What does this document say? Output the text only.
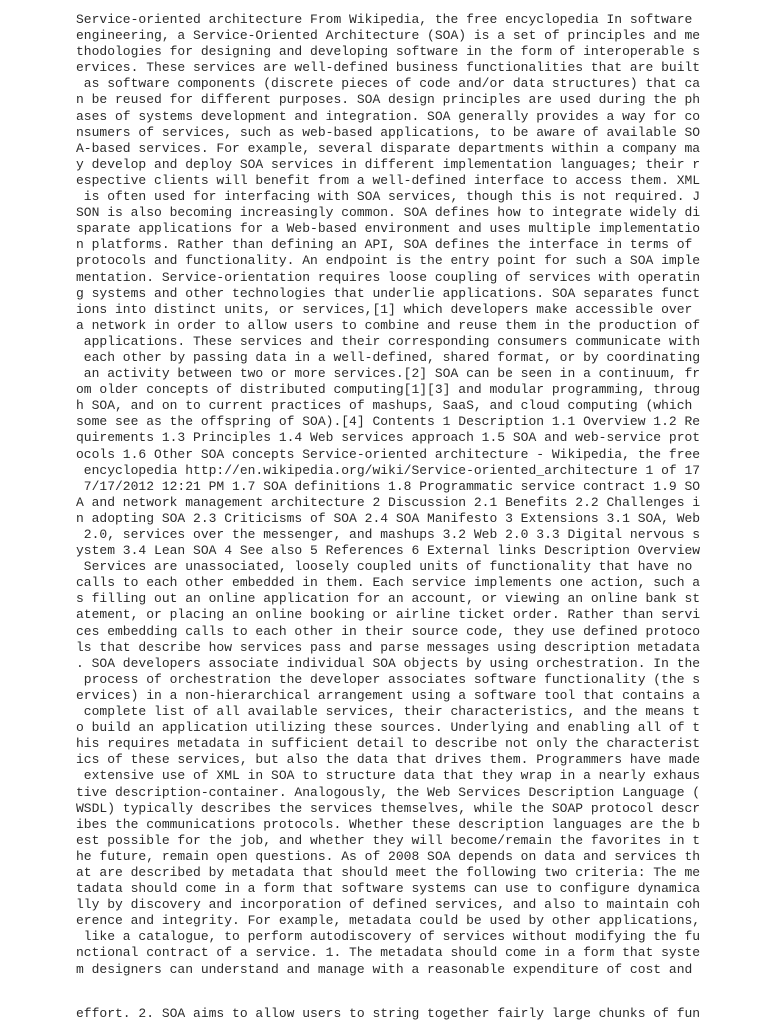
Service-oriented architecture From Wikipedia, the free encyclopedia In software
engineering, a Service-Oriented Architecture (SOA) is a set of principles and me
thodologies for designing and developing software in the form of interoperable s
ervices. These services are well-defined business functionalities that are built
as software components (discrete pieces of code and/or data structures) that ca
n be reused for different purposes. SOA design principles are used during the ph
ases of systems development and integration. SOA generally provides a way for co
nsumers of services, such as web-based applications, to be aware of available SO
A-based services. For example, several disparate departments within a company ma
y develop and deploy SOA services in different implementation languages; their r
espective clients will benefit from a well-defined interface to access them. XML
is often used for interfacing with SOA services, though this is not required. J
SON is also becoming increasingly common. SOA defines how to integrate widely di
sparate applications for a Web-based environment and uses multiple implementatio
n platforms. Rather than defining an API, SOA defines the interface in terms of
protocols and functionality. An endpoint is the entry point for such a SOA imple
mentation. Service-orientation requires loose coupling of services with operatin
g systems and other technologies that underlie applications. SOA separates funct
ions into distinct units, or services,[1] which developers make accessible over
a network in order to allow users to combine and reuse them in the production of
applications. These services and their corresponding consumers communicate with
each other by passing data in a well-defined, shared format, or by coordinating
an activity between two or more services.[2] SOA can be seen in a continuum, fr
om older concepts of distributed computing[1][3] and modular programming, throug
h SOA, and on to current practices of mashups, SaaS, and cloud computing (which
some see as the offspring of SOA).[4] Contents 1 Description 1.1 Overview 1.2 Re
quirements 1.3 Principles 1.4 Web services approach 1.5 SOA and web-service prot
ocols 1.6 Other SOA concepts Service-oriented architecture - Wikipedia, the free
encyclopedia http://en.wikipedia.org/wiki/Service-oriented_architecture 1 of 17
7/17/2012 12:21 PM 1.7 SOA definitions 1.8 Programmatic service contract 1.9 SO
A and network management architecture 2 Discussion 2.1 Benefits 2.2 Challenges i
n adopting SOA 2.3 Criticisms of SOA 2.4 SOA Manifesto 3 Extensions 3.1 SOA, Web
2.0, services over the messenger, and mashups 3.2 Web 2.0 3.3 Digital nervous s
ystem 3.4 Lean SOA 4 See also 5 References 6 External links Description Overview
Services are unassociated, loosely coupled units of functionality that have no
calls to each other embedded in them. Each service implements one action, such a
s filling out an online application for an account, or viewing an online bank st
atement, or placing an online booking or airline ticket order. Rather than servi
ces embedding calls to each other in their source code, they use defined protoco
ls that describe how services pass and parse messages using description metadata
. SOA developers associate individual SOA objects by using orchestration. In the
process of orchestration the developer associates software functionality (the s
ervices) in a non-hierarchical arrangement using a software tool that contains a
complete list of all available services, their characteristics, and the means t
o build an application utilizing these sources. Underlying and enabling all of t
his requires metadata in sufficient detail to describe not only the characterist
ics of these services, but also the data that drives them. Programmers have made
extensive use of XML in SOA to structure data that they wrap in a nearly exhaus
tive description-container. Analogously, the Web Services Description Language (
WSDL) typically describes the services themselves, while the SOAP protocol descr
ibes the communications protocols. Whether these description languages are the b
est possible for the job, and whether they will become/remain the favorites in t
he future, remain open questions. As of 2008 SOA depends on data and services th
at are described by metadata that should meet the following two criteria: The me
tadata should come in a form that software systems can use to configure dynamica
lly by discovery and incorporation of defined services, and also to maintain coh
erence and integrity. For example, metadata could be used by other applications,
like a catalogue, to perform autodiscovery of services without modifying the fu
nctional contract of a service. 1. The metadata should come in a form that syste
m designers can understand and manage with a reasonable expenditure of cost and
effort. 2. SOA aims to allow users to string together fairly large chunks of fun
